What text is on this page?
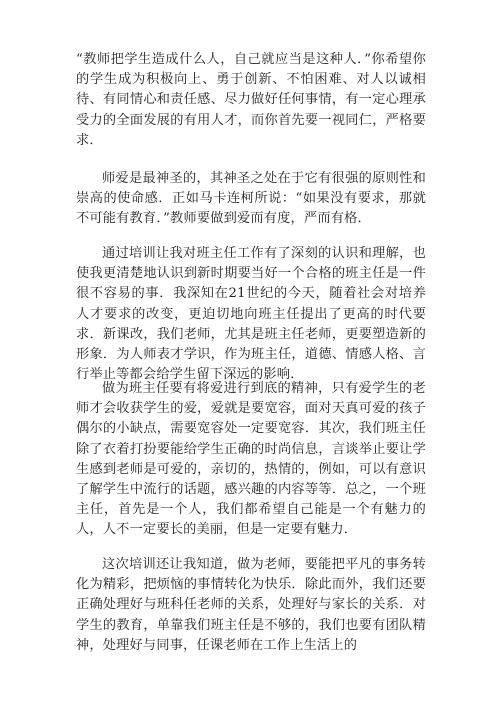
“教师把学生造成什么人，自己就应当是这种人．”你希望你的学生成为积极向上、勇于创新、不怕困难、对人以诚相待、有同情心和责任感、尽力做好任何事情，有一定心理承受力的全面发展的有用人才，而你首先要一视同仁，严格要求．

师爱是最神圣的，其神圣之处在于它有很强的原则性和崇高的使命感．正如马卡连柯所说：“如果没有要求，那就不可能有教育．”教师要做到爱而有度，严而有格．

通过培训让我对班主任工作有了深刻的认识和理解，也使我更清楚地认识到新时期要当好一个合格的班主任是一件很不容易的事．我深知在21世纪的今天，随着社会对培养人才要求的改变，更迫切地向班主任提出了更高的时代要求．新课改，我们老师，尤其是班主任老师，更要塑造新的形象．为人师表才学识，作为班主任，道德、情感人格、言行举止等都会给学生留下深远的影响．

做为班主任要有将爱进行到底的精神，只有爱学生的老师才会收获学生的爱，爱就是要宽容，面对天真可爱的孩子偶尔的小缺点，需要宽容处一定要宽容．其次，我们班主任除了衣着打扮要能给学生正确的时尚信息，言谈举止要让学生感到老师是可爱的，亲切的，热情的，例如，可以有意识了解学生中流行的话题，感兴趣的内容等等．总之，一个班主任，首先是一个人，我们都希望自己能是一个有魅力的人，人不一定要长的美丽，但是一定要有魅力．

这次培训还让我知道，做为老师，要能把平凡的事务转化为精彩，把烦恼的事情转化为快乐．除此而外，我们还要正确处理好与班科任老师的关系，处理好与家长的关系．对学生的教育，单靠我们班主任是不够的，我们也要有团队精神，处理好与同事，任课老师在工作上生活上的
